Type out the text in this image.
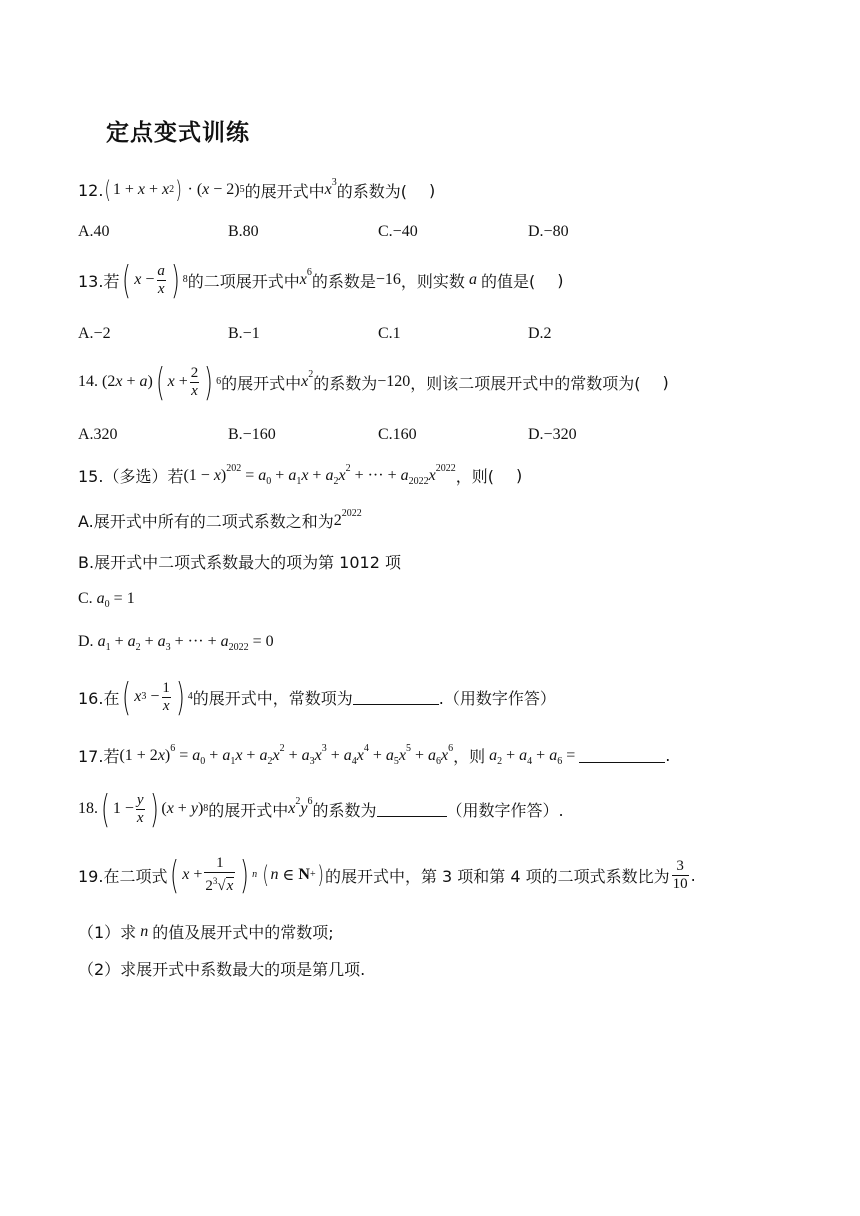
定点变式训练
12. ( 1 + x + x 2 ) · ( x − 2) 5 的展开式中 $x^3$ 的系数为( )
A.40	B.80	C.−40	D.−80
13.若 ( $x - \frac{a}{x}$ ) 8 的二项展开式中 $x^6$ 的系数是 −16 ，则实数 a 的值是( )
A.−2	B.−1	C.1	D.2
14. (2 x + a ) ( $x + \frac{2}{x}$ ) 6 的展开式中 $x^2$ 的系数为 −120 ，则该二项展开式中的常数项为( )
A.320	B.−160	C.160	D.−320
15.（多选）若 $(1 - x)^{202} = a_0 + a_1x + a_2x^2$ + ··· + $a_{2022}x^{2022}$ ，则( )
A.展开式中所有的二项式系数之和为 $2^{2022}$
B.展开式中二项式系数最大的项为第 1012 项
C. $a_0 = 1$
D. $a_1 + a_2 + a_3$ + ··· + $a_{2022} = 0$
16.在 ( x $3 - \frac{1}{x}$ ) 4 的展开式中，常数项为	.（用数字作答）
17.若 $(1 + 2x)^6 = a_0 + a_1x + a_2x^2 + a_3x^3 + a_4x^4 + a_5x^5 + a_6x^6$ ，则 $a_2 + a_4 + a_6$ =	.
18. ( $1 - \frac{y}{x}$ ) ( x + y ) 8 的展开式中 $x^2y^6$ 的系数为	（用数字作答）.
19.在二项式 ( $x + \frac{1}{2^3√ x}$ ) n
( n ∈ N + ) 的展开式中，第 3 项和第 4 项的二项式系数比为 $\frac{3}{10}$ .
（1）求 n 的值及展开式中的常数项;
（2）求展开式中系数最大的项是第几项.
